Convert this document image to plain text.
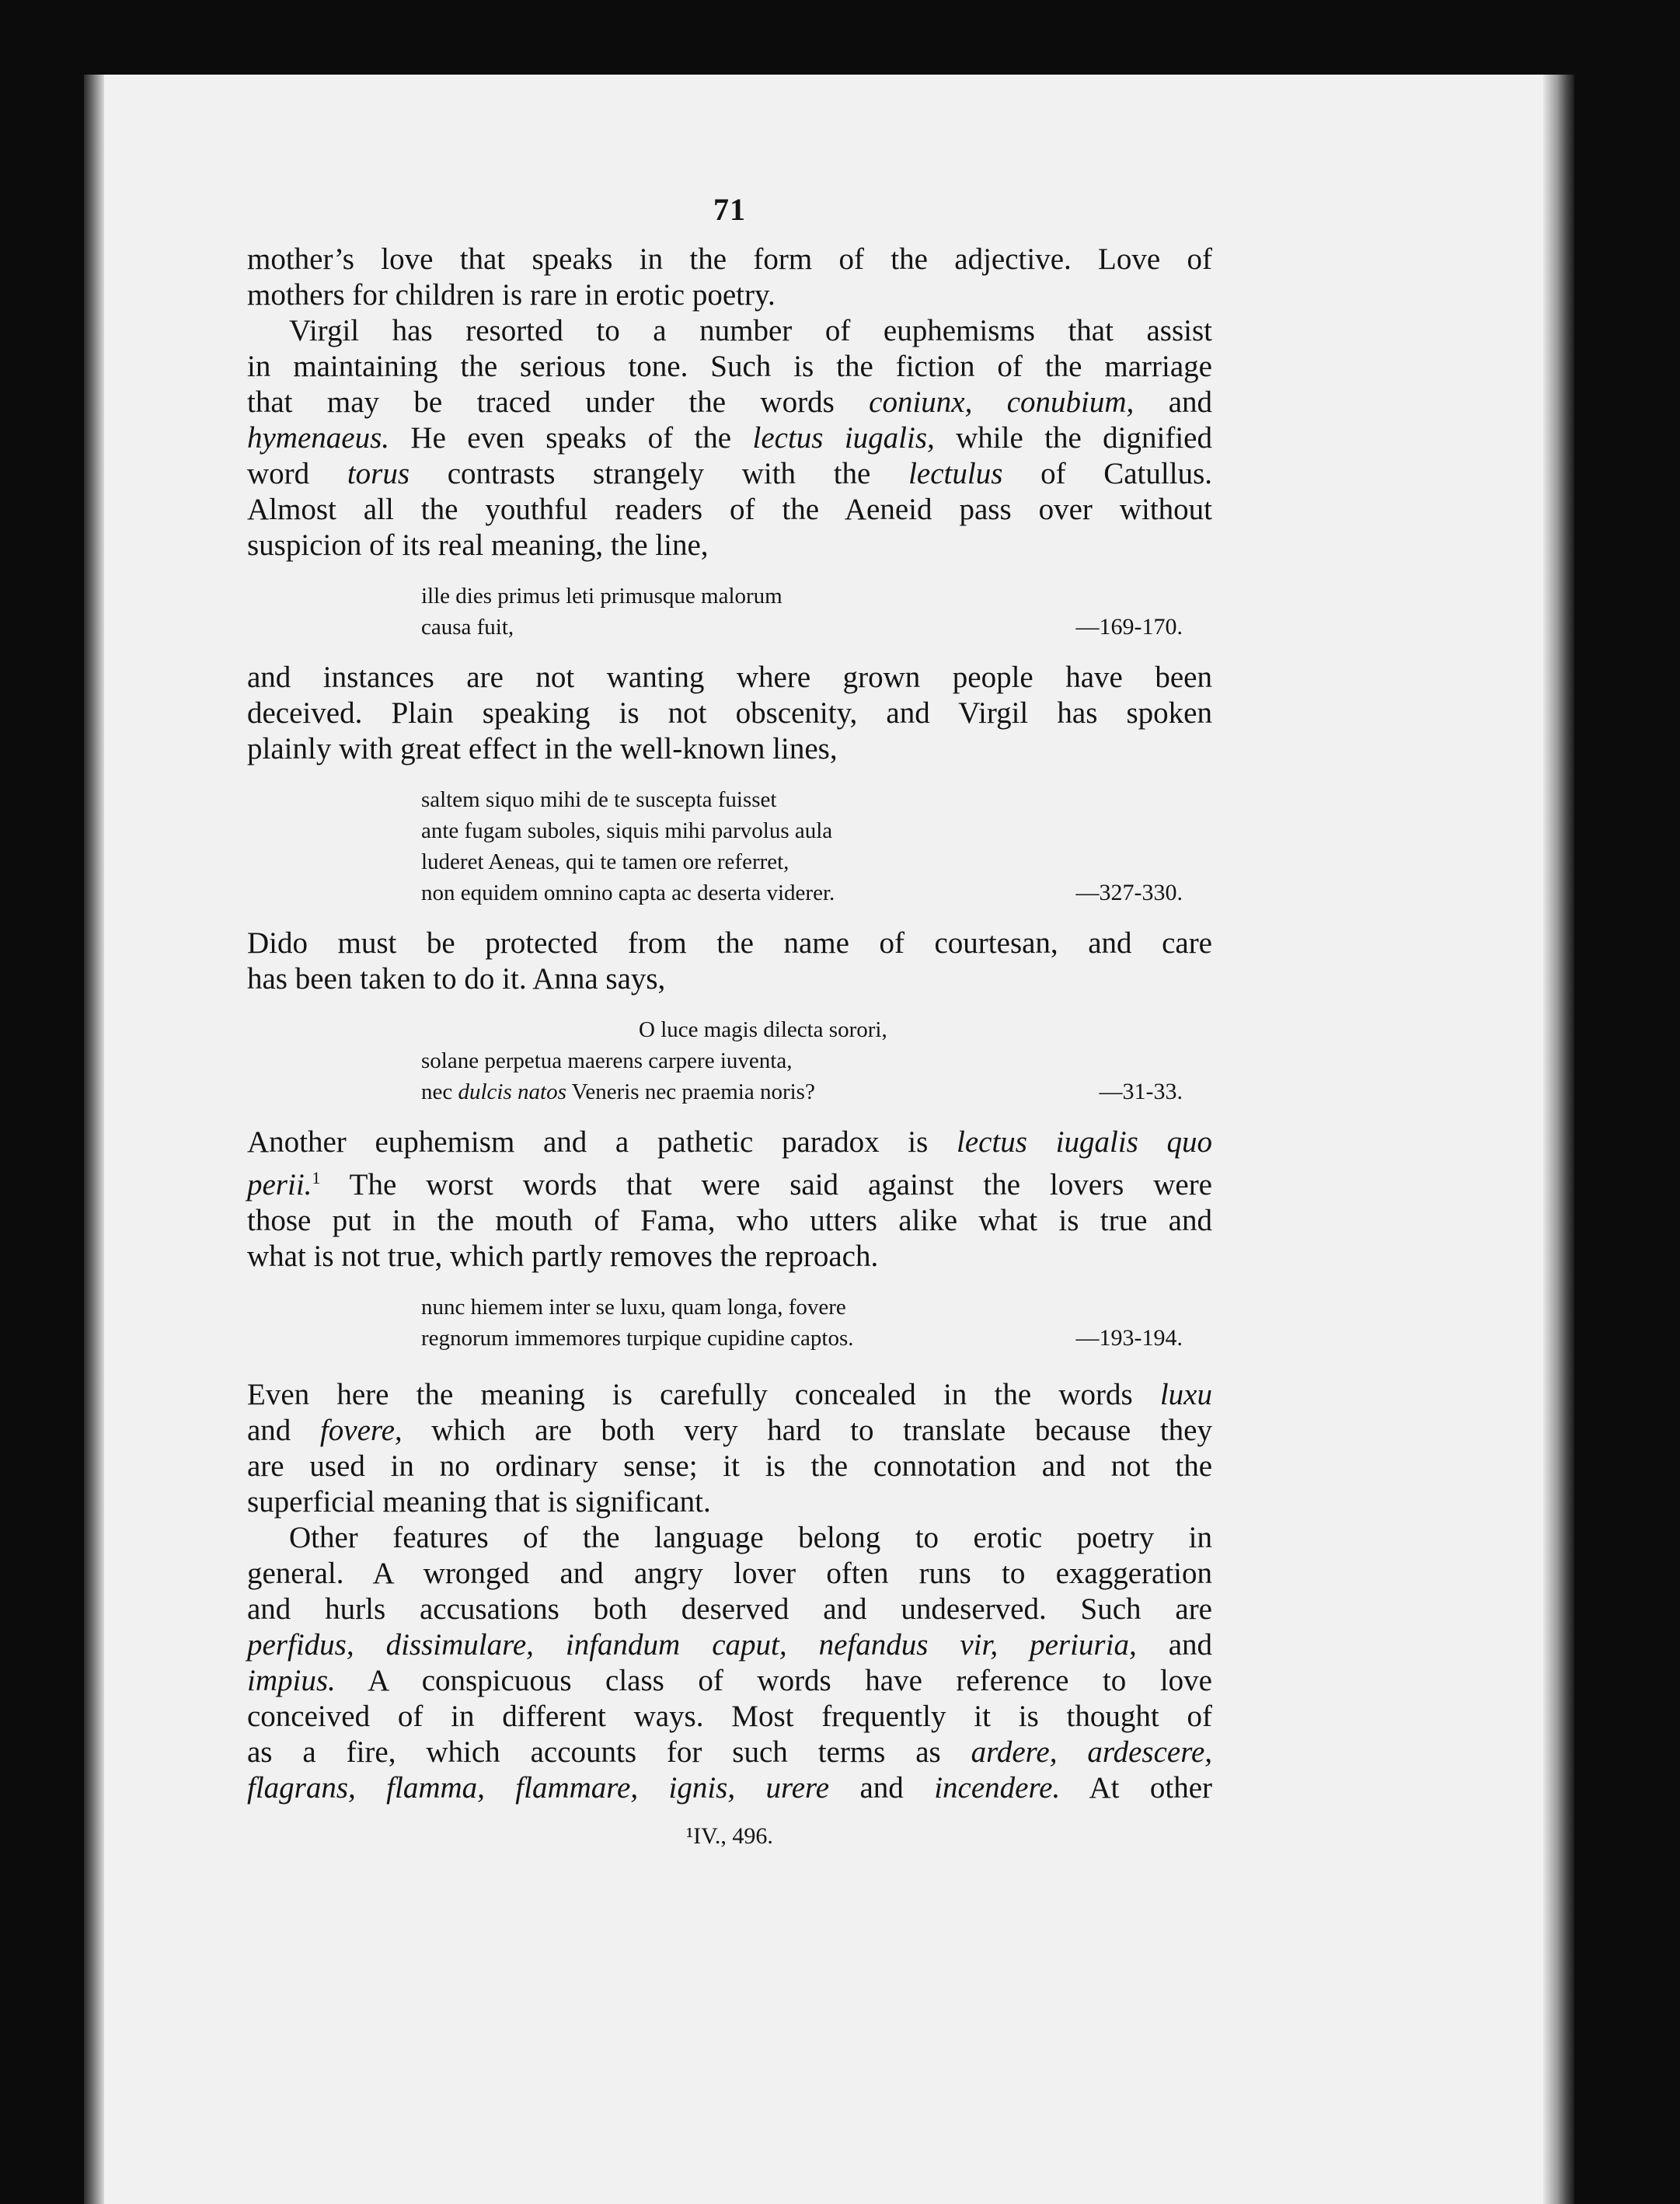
71

mother’s love that speaks in the form of the adjective. Love of

mothers for children is rare in erotic poetry.

Virgil has resorted to a number of euphemisms that assist

in maintaining the serious tone. Such is the fiction of the marriage

that may be traced under the words coniunx, conubium, and

hymenaeus. He even speaks of the lectus iugalis, while the dignified

word torus contrasts strangely with the lectulus of Catullus.

Almost all the youthful readers of the Aeneid pass over without

suspicion of its real meaning, the line,

ille dies primus leti primusque malorum
causa fuit,	—169-170.

and instances are not wanting where grown people have been

deceived. Plain speaking is not obscenity, and Virgil has spoken

plainly with great effect in the well-known lines,

saltem siquo mihi de te suscepta fuisset
ante fugam suboles, siquis mihi parvolus aula
luderet Aeneas, qui te tamen ore referret,
non equidem omnino capta ac deserta viderer.	—327-330.

Dido must be protected from the name of courtesan, and care

has been taken to do it. Anna says,

O luce magis dilecta sorori,
solane perpetua maerens carpere iuventa,
nec dulcis natos Veneris nec praemia noris?	—31-33.

Another euphemism and a pathetic paradox is lectus iugalis quo

perii.$^1$ The worst words that were said against the lovers were

those put in the mouth of Fama, who utters alike what is true and

what is not true, which partly removes the reproach.

nunc hiemem inter se luxu, quam longa, fovere
regnorum immemores turpique cupidine captos.	—193-194.

Even here the meaning is carefully concealed in the words luxu

and fovere, which are both very hard to translate because they

are used in no ordinary sense; it is the connotation and not the

superficial meaning that is significant.

Other features of the language belong to erotic poetry in

general. A wronged and angry lover often runs to exaggeration

and hurls accusations both deserved and undeserved. Such are

perfidus, dissimulare, infandum caput, nefandus vir, periuria, and

impius. A conspicuous class of words have reference to love

conceived of in different ways. Most frequently it is thought of

as a fire, which accounts for such terms as ardere, ardescere,

flagrans, flamma, flammare, ignis, urere and incendere. At other

¹IV., 496.
